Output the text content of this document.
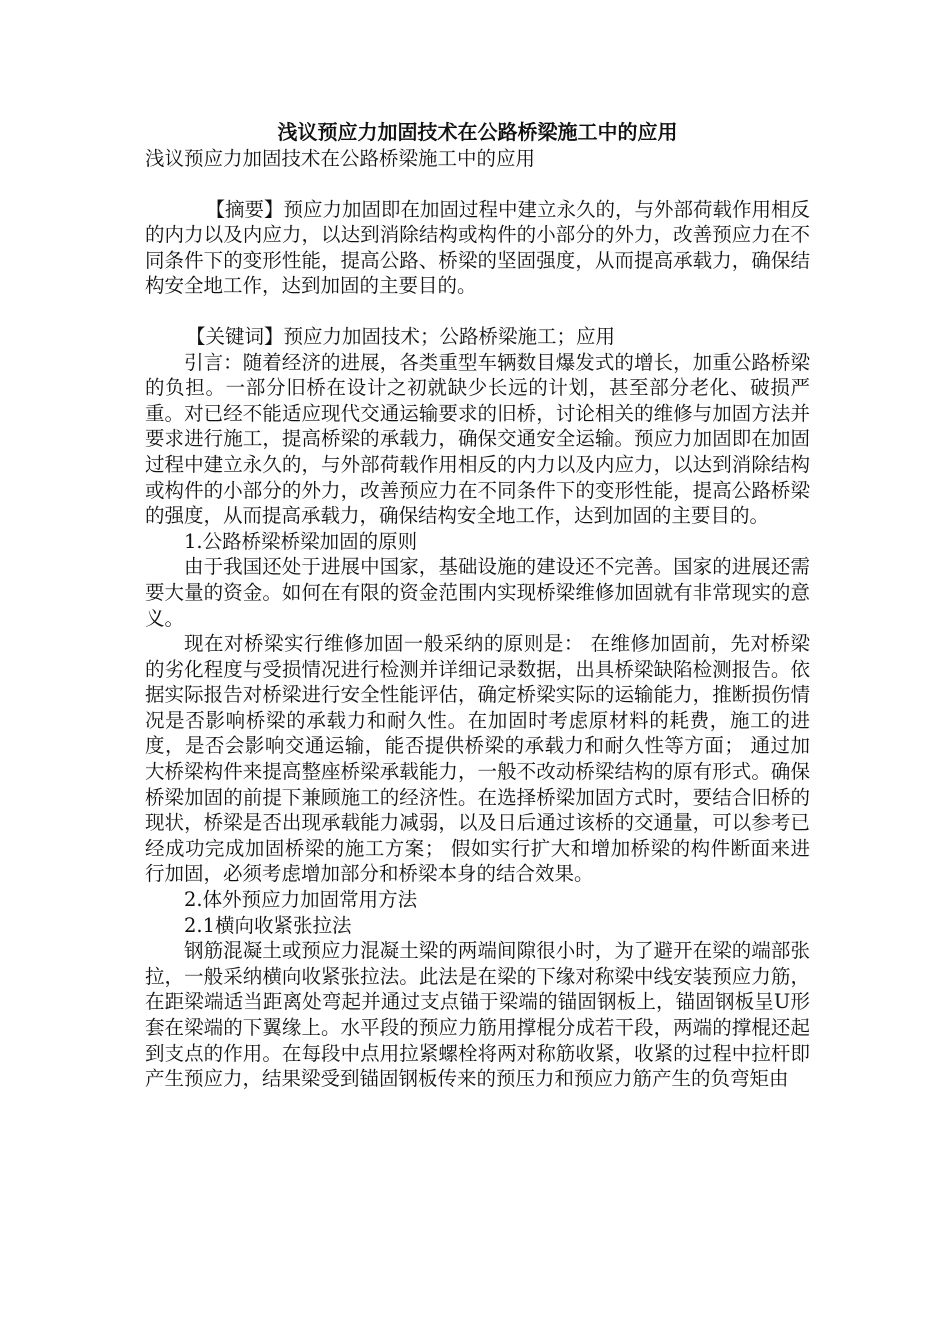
浅议预应力加固技术在公路桥梁施工中的应用

浅议预应力加固技术在公路桥梁施工中的应用

【摘要】预应力加固即在加固过程中建立永久的，与外部荷载作用相反的内力以及内应力，以达到消除结构或构件的小部分的外力，改善预应力在不同条件下的变形性能，提高公路、桥梁的坚固强度，从而提高承载力，确保结构安全地工作，达到加固的主要目的。

【关键词】预应力加固技术；公路桥梁施工；应用

引言：随着经济的进展，各类重型车辆数目爆发式的增长，加重公路桥梁的负担。一部分旧桥在设计之初就缺少长远的计划，甚至部分老化、破损严重。对已经不能适应现代交通运输要求的旧桥，讨论相关的维修与加固方法并要求进行施工，提高桥梁的承载力，确保交通安全运输。预应力加固即在加固过程中建立永久的，与外部荷载作用相反的内力以及内应力，以达到消除结构或构件的小部分的外力，改善预应力在不同条件下的变形性能，提高公路桥梁的强度，从而提高承载力，确保结构安全地工作，达到加固的主要目的。

1.公路桥梁桥梁加固的原则

由于我国还处于进展中国家，基础设施的建设还不完善。国家的进展还需要大量的资金。如何在有限的资金范围内实现桥梁维修加固就有非常现实的意义。

现在对桥梁实行维修加固一般采纳的原则是： 在维修加固前，先对桥梁的劣化程度与受损情况进行检测并详细记录数据，出具桥梁缺陷检测报告。依据实际报告对桥梁进行安全性能评估，确定桥梁实际的运输能力，推断损伤情况是否影响桥梁的承载力和耐久性。在加固时考虑原材料的耗费，施工的进度，是否会影响交通运输，能否提供桥梁的承载力和耐久性等方面； 通过加大桥梁构件来提高整座桥梁承载能力，一般不改动桥梁结构的原有形式。确保桥梁加固的前提下兼顾施工的经济性。在选择桥梁加固方式时，要结合旧桥的现状，桥梁是否出现承载能力减弱，以及日后通过该桥的交通量，可以参考已经成功完成加固桥梁的施工方案； 假如实行扩大和增加桥梁的构件断面来进行加固，必须考虑增加部分和桥梁本身的结合效果。

2.体外预应力加固常用方法

2.1横向收紧张拉法

钢筋混凝土或预应力混凝土梁的两端间隙很小时，为了避开在梁的端部张拉，一般采纳横向收紧张拉法。此法是在梁的下缘对称梁中线安装预应力筋，在距梁端适当距离处弯起并通过支点锚于梁端的锚固钢板上，锚固钢板呈U形套在梁端的下翼缘上。水平段的预应力筋用撑棍分成若干段，两端的撑棍还起到支点的作用。在每段中点用拉紧螺栓将两对称筋收紧，收紧的过程中拉杆即产生预应力，结果梁受到锚固钢板传来的预压力和预应力筋产生的负弯矩由
